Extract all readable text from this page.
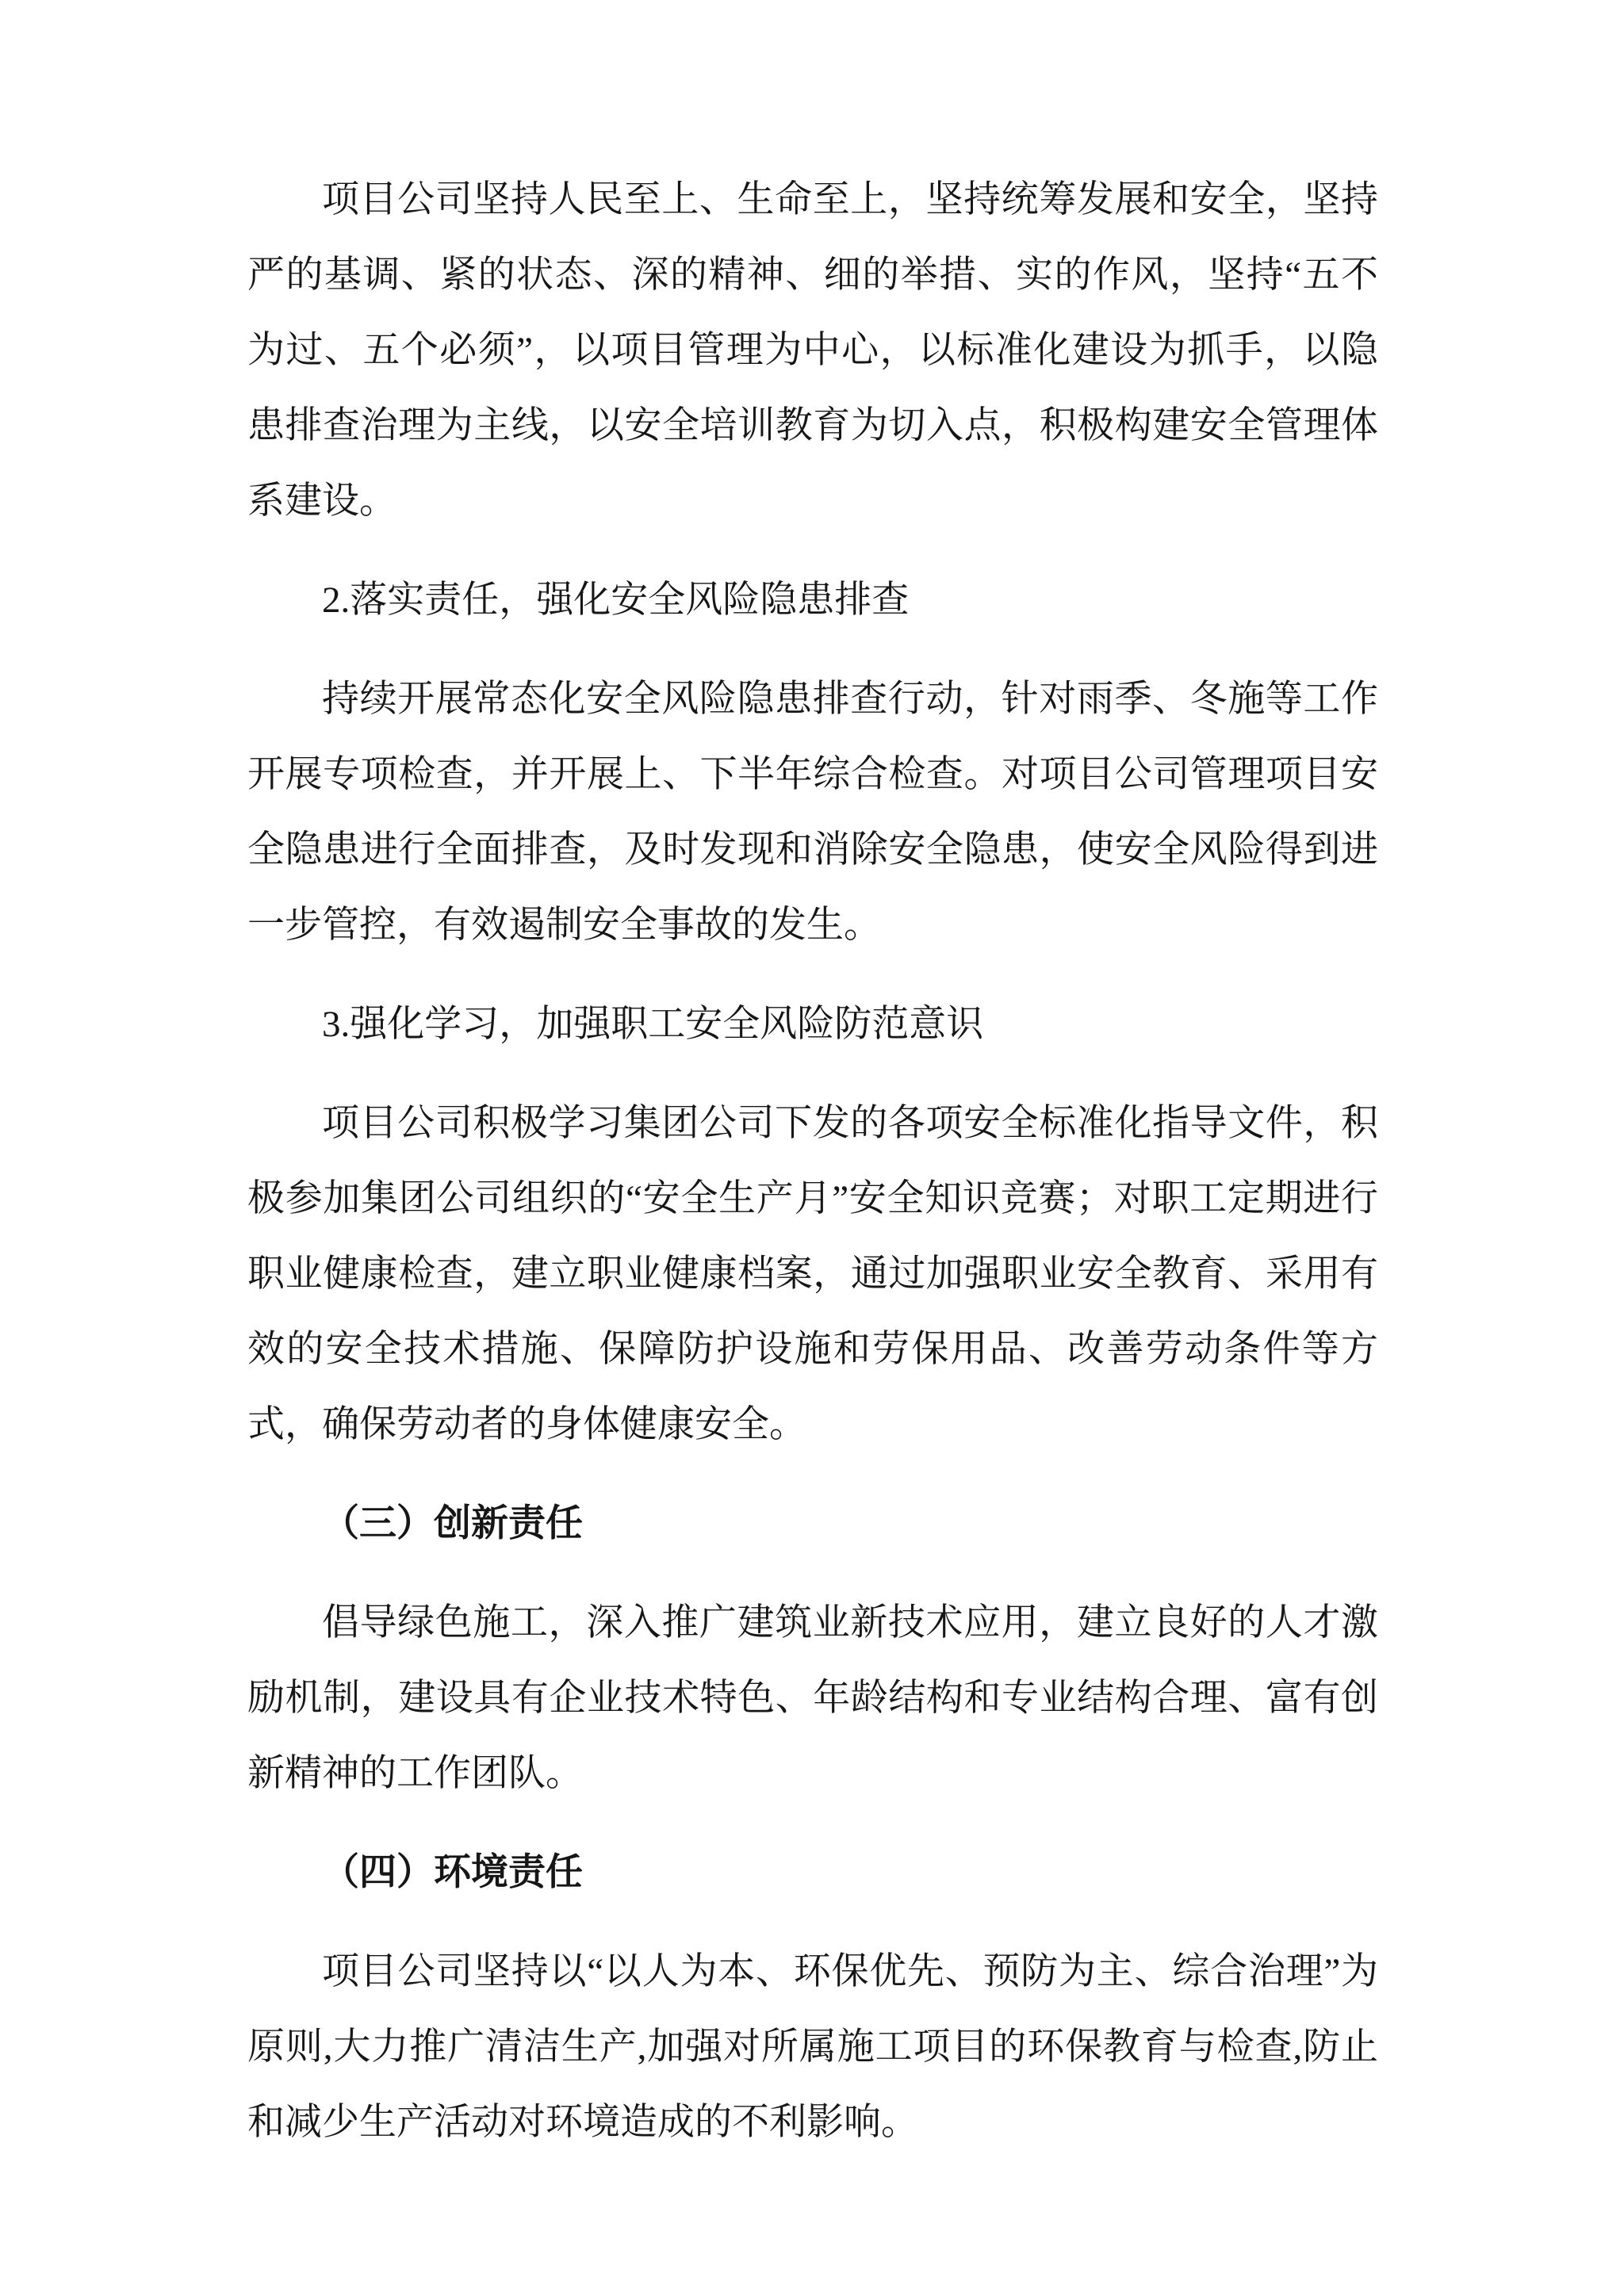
项目公司坚持人民至上、生命至上，坚持统筹发展和安全，坚持严的基调、紧的状态、深的精神、细的举措、实的作风，坚持“五不为过、五个必须”，以项目管理为中心，以标准化建设为抓手，以隐患排查治理为主线，以安全培训教育为切入点，积极构建安全管理体系建设。

2.落实责任，强化安全风险隐患排查

持续开展常态化安全风险隐患排查行动，针对雨季、冬施等工作开展专项检查，并开展上、下半年综合检查。对项目公司管理项目安全隐患进行全面排查，及时发现和消除安全隐患，使安全风险得到进一步管控，有效遏制安全事故的发生。

3.强化学习，加强职工安全风险防范意识

项目公司积极学习集团公司下发的各项安全标准化指导文件，积极参加集团公司组织的“安全生产月”安全知识竞赛；对职工定期进行职业健康检查，建立职业健康档案，通过加强职业安全教育、采用有效的安全技术措施、保障防护设施和劳保用品、改善劳动条件等方式，确保劳动者的身体健康安全。

（三）创新责任

倡导绿色施工，深入推广建筑业新技术应用，建立良好的人才激励机制，建设具有企业技术特色、年龄结构和专业结构合理、富有创新精神的工作团队。

（四）环境责任

项目公司坚持以“以人为本、环保优先、预防为主、综合治理”为原则,大力推广清洁生产,加强对所属施工项目的环保教育与检查,防止和减少生产活动对环境造成的不利影响。
